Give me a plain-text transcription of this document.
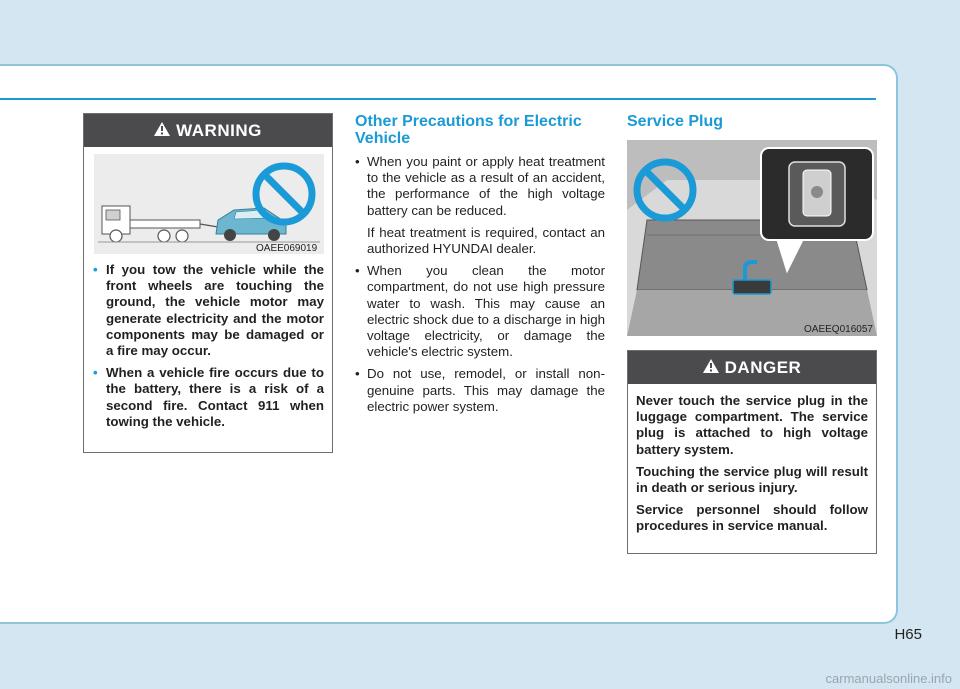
WARNING
OAEE069019
• If you tow the vehicle while the front wheels are touching the ground, the vehicle motor may generate electricity and the motor components may be damaged or a fire may occur.
• When a vehicle fire occurs due to the battery, there is a risk of a second fire. Contact 911 when towing the vehicle.
Other Precautions for Electric Vehicle
• When you paint or apply heat treatment to the vehicle as a result of an accident, the performance of the high voltage battery can be reduced.

If heat treatment is required, contact an authorized HYUNDAI dealer.

• When you clean the motor compartment, do not use high pressure water to wash. This may cause an electric shock due to a discharge in high voltage electricity, or damage the vehicle's electric system.
• Do not use, remodel, or install non-genuine parts. This may damage the electric power system.
Service Plug
OAEEQ016057
DANGER

Never touch the service plug in the luggage compartment. The service plug is attached to high voltage battery system.

Touching the service plug will result in death or serious injury.

Service personnel should follow procedures in service manual.

H65
carmanualsonline.info
